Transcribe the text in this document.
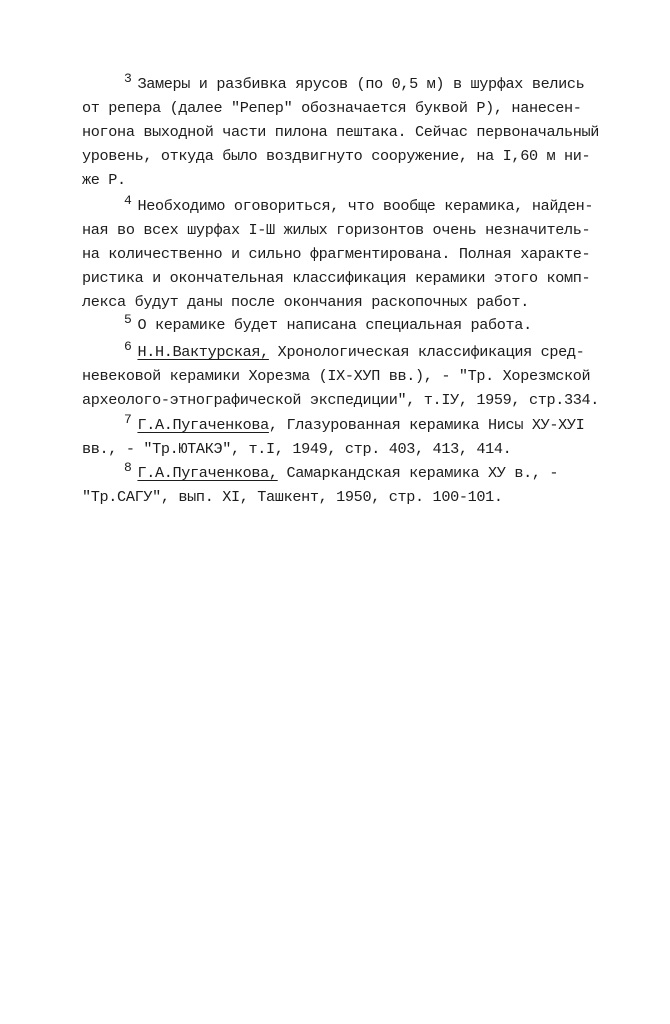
3 Замеры и разбивка ярусов (по 0,5 м) в шурфах велись
от репера (далее "Репер" обозначается буквой Р), нанесен-
ногона выходной части пилона пештака. Сейчас первоначальный
уровень, откуда было воздвигнуто сооружение, на I,60 м ни-
же Р.
4 Необходимо оговориться, что вообще керамика, найден-
ная во всех шурфах I-Ш жилых горизонтов очень незначитель-
на количественно и сильно фрагментирована. Полная характе-
ристика и окончательная классификация керамики этого комп-
лекса будут даны после окончания раскопочных работ.
5 О керамике будет написана специальная работа.
6 Н.Н.Вактурская, Хронологическая классификация сред-
невековой керамики Хорезма (IX-ХУП вв.), - "Тр. Хорезмской
археолого-этнографической экспедиции", т.IУ, 1959, стр.334.
7 Г.А.Пугаченкова, Глазурованная керамика Нисы ХУ-ХУI
вв., - "Тр.ЮТАКЭ", т.I, 1949, стр. 403, 413, 414.
8 Г.А.Пугаченкова, Самаркандская керамика ХУ в., -
"Тр.САГУ", вып. XI, Ташкент, 1950, стр. 100-101.
